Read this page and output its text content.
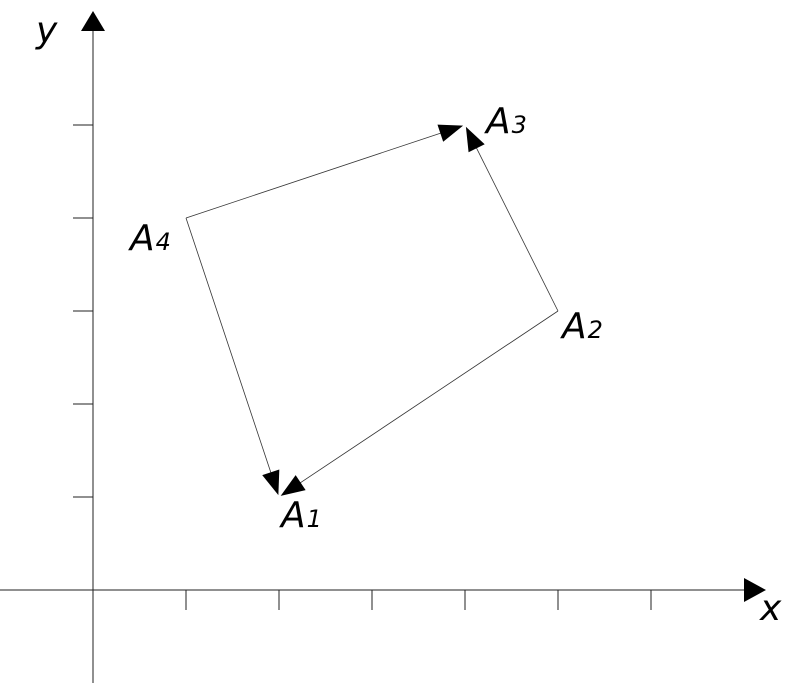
x
y
A1
A2
A3
A4
